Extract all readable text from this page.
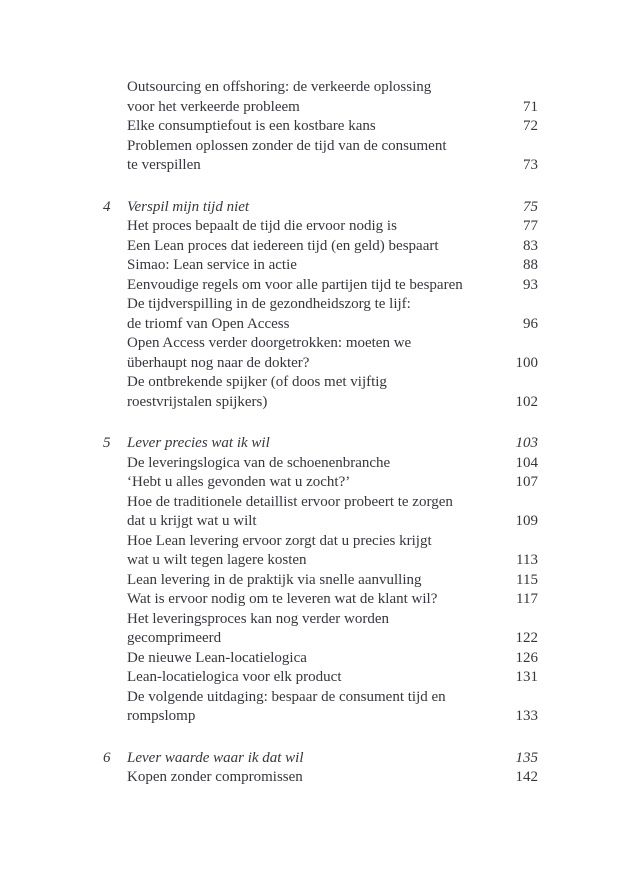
Outsourcing en offshoring: de verkeerde oplossing
voor het verkeerde probleem	71
Elke consumptiefout is een kostbare kans	72
Problemen oplossen zonder de tijd van de consument
te verspillen	73
4	Verspil mijn tijd niet	75
Het proces bepaalt de tijd die ervoor nodig is	77
Een Lean proces dat iedereen tijd (en geld) bespaart	83
Simao: Lean service in actie	88
Eenvoudige regels om voor alle partijen tijd te besparen	93
De tijdverspilling in de gezondheidszorg te lijf:
de triomf van Open Access	96
Open Access verder doorgetrokken: moeten we
überhaupt nog naar de dokter?	100
De ontbrekende spijker (of doos met vijftig
roestvrijstalen spijkers)	102
5	Lever precies wat ik wil	103
De leveringslogica van de schoenenbranche	104
‘Hebt u alles gevonden wat u zocht?’	107
Hoe de traditionele detaillist ervoor probeert te zorgen
dat u krijgt wat u wilt	109
Hoe Lean levering ervoor zorgt dat u precies krijgt
wat u wilt tegen lagere kosten	113
Lean levering in de praktijk via snelle aanvulling	115
Wat is ervoor nodig om te leveren wat de klant wil?	117
Het leveringsproces kan nog verder worden
gecomprimeerd	122
De nieuwe Lean-locatielogica	126
Lean-locatielogica voor elk product	131
De volgende uitdaging: bespaar de consument tijd en
rompslomp	133
6	Lever waarde waar ik dat wil	135
Kopen zonder compromissen	142
